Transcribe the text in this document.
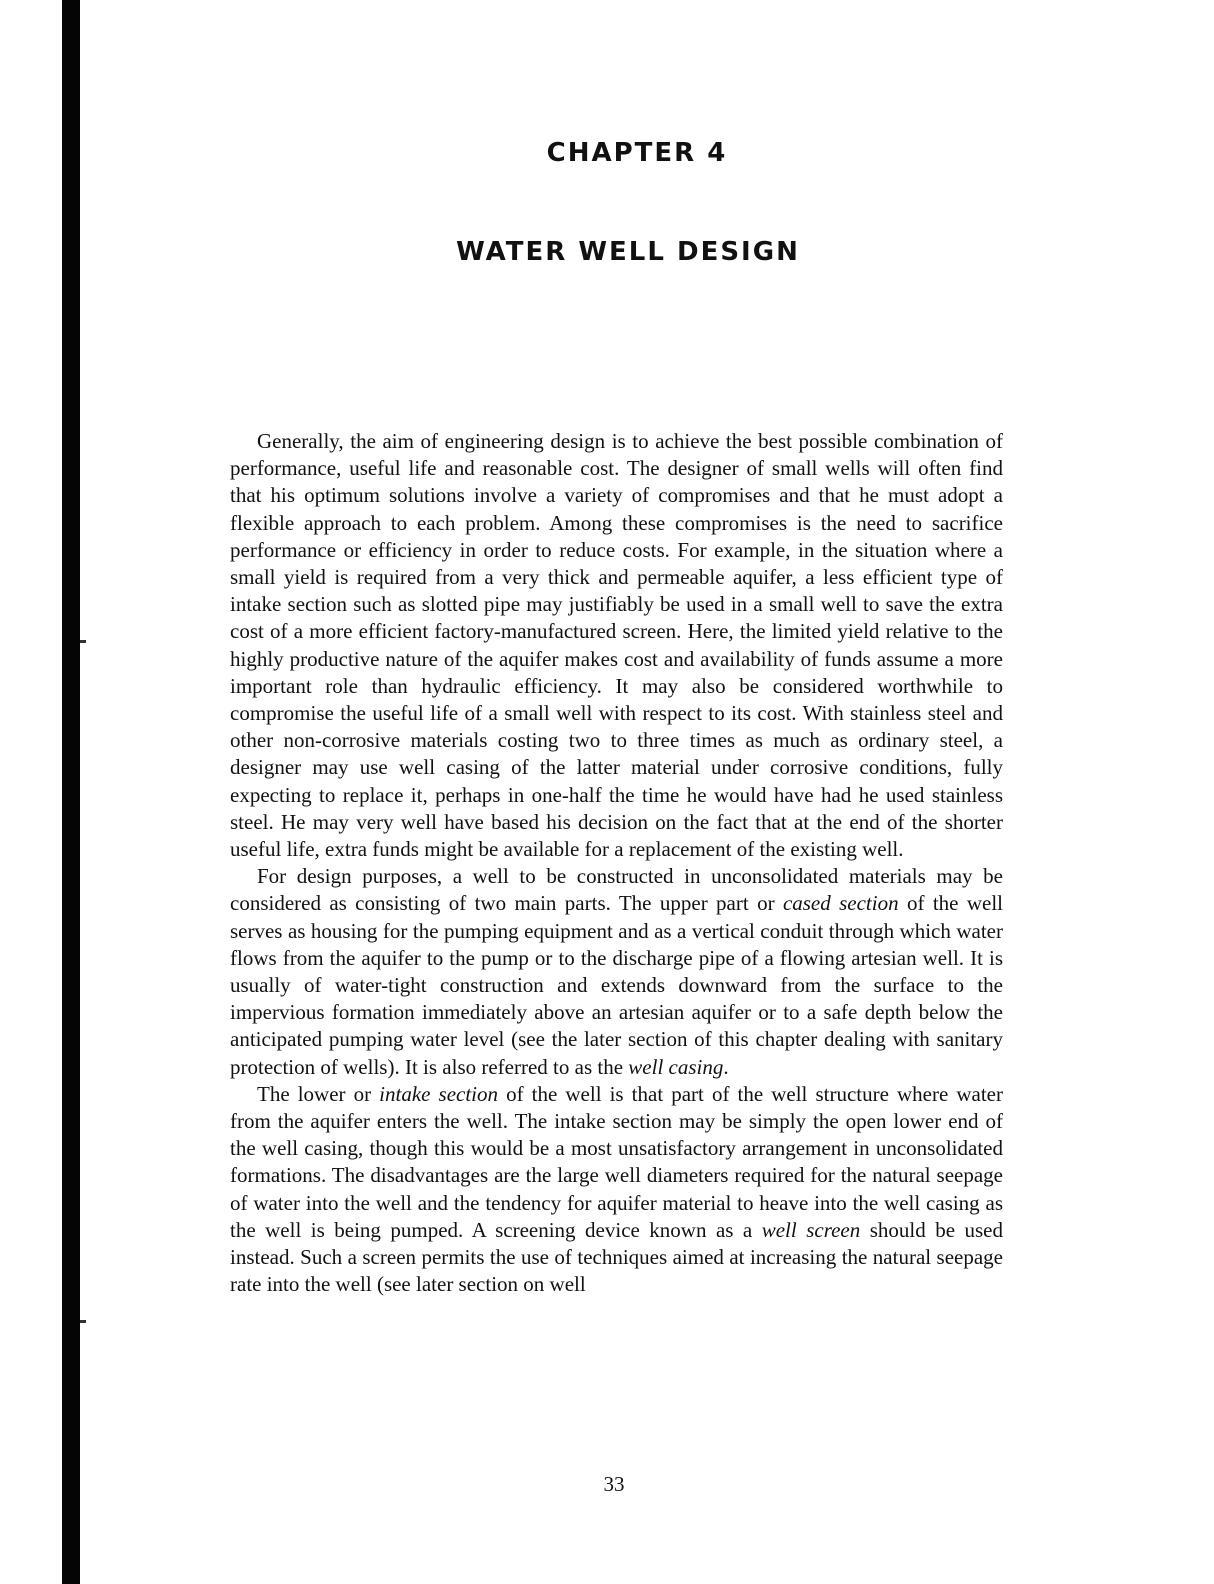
CHAPTER 4
WATER WELL DESIGN

Generally, the aim of engineering design is to achieve the best possible combination of performance, useful life and reasonable cost. The designer of small wells will often find that his optimum solutions involve a variety of compromises and that he must adopt a flexible approach to each problem. Among these compromises is the need to sacrifice performance or efficiency in order to reduce costs. For example, in the situation where a small yield is required from a very thick and permeable aquifer, a less efficient type of intake section such as slotted pipe may justifiably be used in a small well to save the extra cost of a more efficient factory-manufactured screen. Here, the limited yield relative to the highly productive nature of the aquifer makes cost and availability of funds assume a more important role than hydraulic efficiency. It may also be considered worthwhile to compromise the useful life of a small well with respect to its cost. With stainless steel and other non-corrosive materials costing two to three times as much as ordinary steel, a designer may use well casing of the latter material under corrosive conditions, fully expecting to replace it, perhaps in one-half the time he would have had he used stainless steel. He may very well have based his decision on the fact that at the end of the shorter useful life, extra funds might be available for a replacement of the existing well.

For design purposes, a well to be constructed in unconsolidated materials may be considered as consisting of two main parts. The upper part or cased section of the well serves as housing for the pumping equipment and as a vertical conduit through which water flows from the aquifer to the pump or to the discharge pipe of a flowing artesian well. It is usually of water-tight construction and extends downward from the surface to the impervious formation immediately above an artesian aquifer or to a safe depth below the anticipated pumping water level (see the later section of this chapter dealing with sanitary protection of wells). It is also referred to as the well casing.

The lower or intake section of the well is that part of the well structure where water from the aquifer enters the well. The intake section may be simply the open lower end of the well casing, though this would be a most unsatisfactory arrangement in unconsolidated formations. The disadvantages are the large well diameters required for the natural seepage of water into the well and the tendency for aquifer material to heave into the well casing as the well is being pumped. A screening device known as a well screen should be used instead. Such a screen permits the use of techniques aimed at increasing the natural seepage rate into the well (see later section on well

33
